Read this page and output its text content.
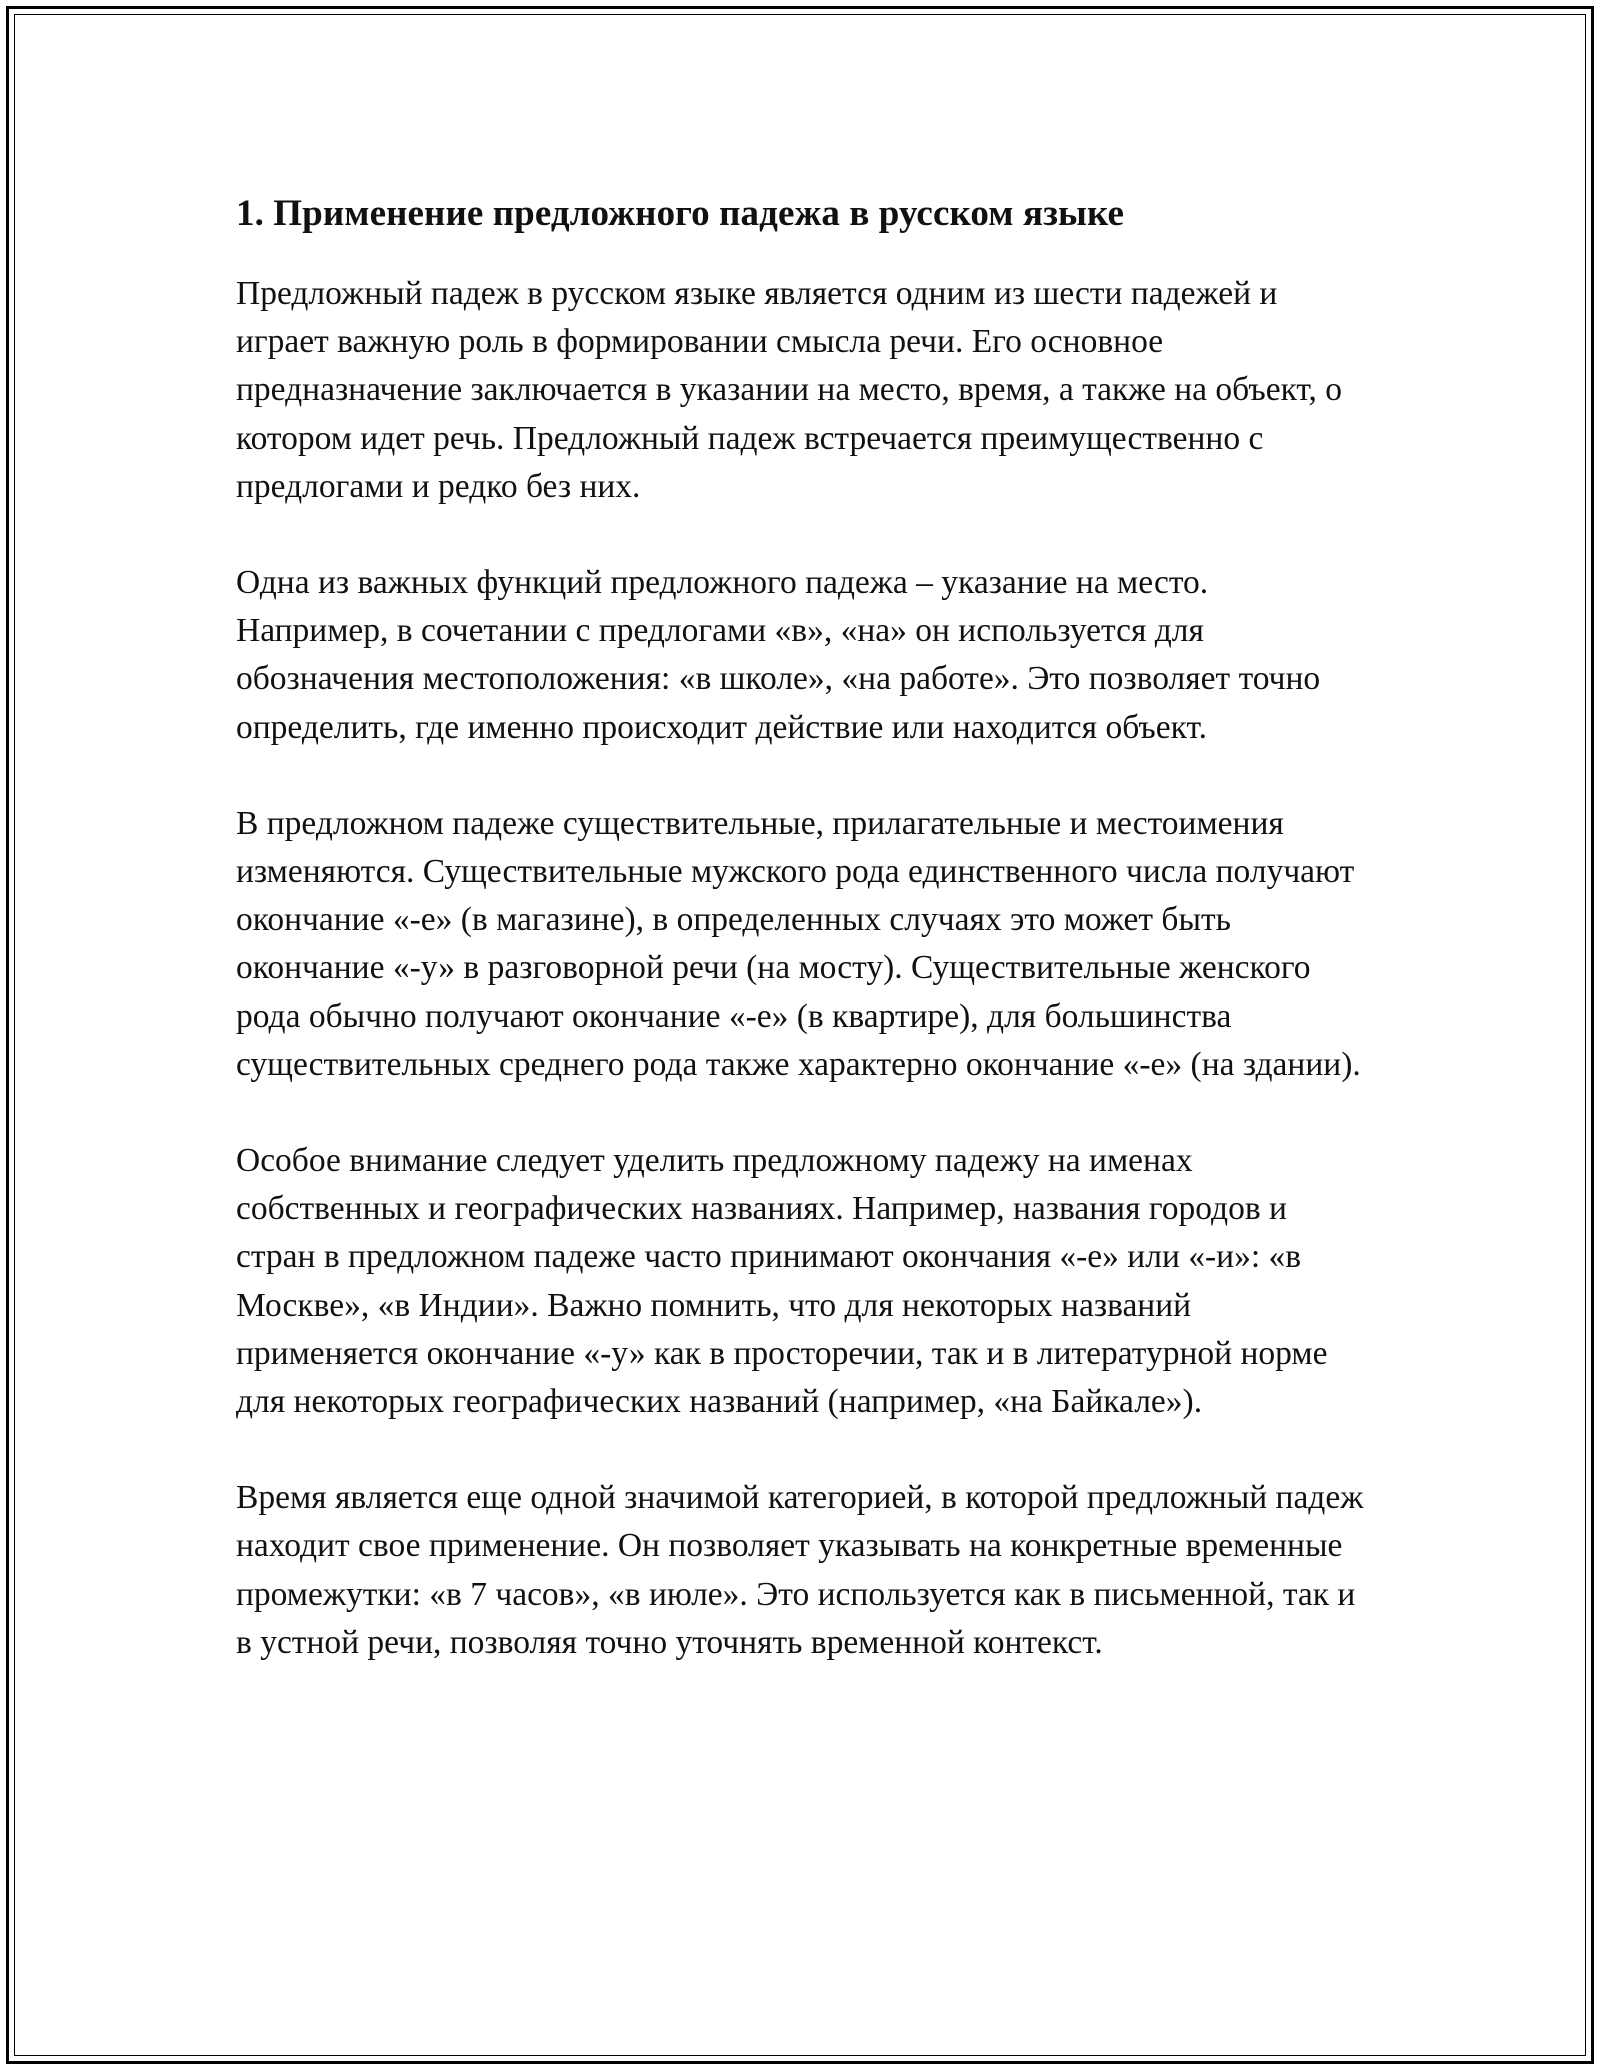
1. Применение предложного падежа в русском языке

Предложный падеж в русском языке является одним из шести падежей и играет важную роль в формировании смысла речи. Его основное предназначение заключается в указании на место, время, а также на объект, о котором идет речь. Предложный падеж встречается преимущественно с предлогами и редко без них.

Одна из важных функций предложного падежа – указание на место. Например, в сочетании с предлогами «в», «на» он используется для обозначения местоположения: «в школе», «на работе». Это позволяет точно определить, где именно происходит действие или находится объект.

В предложном падеже существительные, прилагательные и местоимения изменяются. Существительные мужского рода единственного числа получают окончание «-е» (в магазине), в определенных случаях это может быть окончание «-у» в разговорной речи (на мосту). Существительные женского рода обычно получают окончание «-е» (в квартире), для большинства существительных среднего рода также характерно окончание «-е» (на здании).

Особое внимание следует уделить предложному падежу на именах собственных и географических названиях. Например, названия городов и стран в предложном падеже часто принимают окончания «-е» или «-и»: «в Москве», «в Индии». Важно помнить, что для некоторых названий применяется окончание «-у» как в просторечии, так и в литературной норме для некоторых географических названий (например, «на Байкале»).

Время является еще одной значимой категорией, в которой предложный падеж находит свое применение. Он позволяет указывать на конкретные временные промежутки: «в 7 часов», «в июле». Это используется как в письменной, так и в устной речи, позволяя точно уточнять временной контекст.
